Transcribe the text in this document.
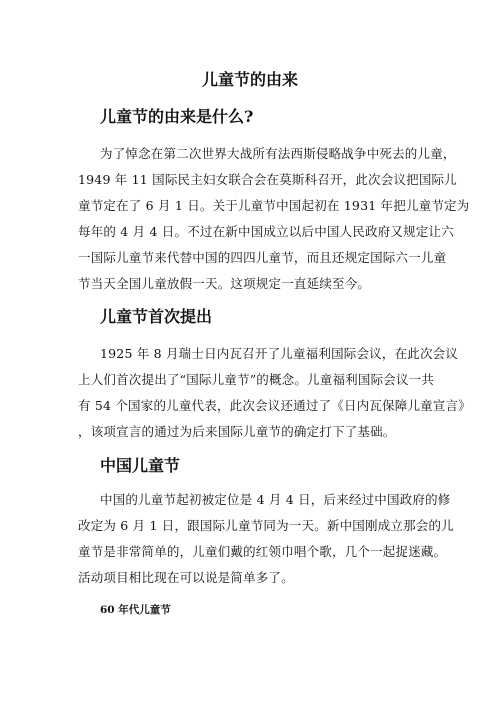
儿童节的由来
儿童节的由来是什么?
为了悼念在第二次世界大战所有法西斯侵略战争中死去的儿童，
1949 年 11 国际民主妇女联合会在莫斯科召开，此次会议把国际儿
童节定在了 6 月 1 日。关于儿童节中国起初在 1931 年把儿童节定为
每年的 4 月 4 日。不过在新中国成立以后中国人民政府又规定让六
一国际儿童节来代替中国的四四儿童节，而且还规定国际六一儿童
节当天全国儿童放假一天。这项规定一直延续至今。
儿童节首次提出
1925 年 8 月瑞士日内瓦召开了儿童福利国际会议，在此次会议
上人们首次提出了“国际儿童节”的概念。儿童福利国际会议一共
有 54 个国家的儿童代表，此次会议还通过了《日内瓦保障儿童宣言》
，该项宣言的通过为后来国际儿童节的确定打下了基础。
中国儿童节
中国的儿童节起初被定位是 4 月 4 日，后来经过中国政府的修
改定为 6 月 1 日，跟国际儿童节同为一天。新中国刚成立那会的儿
童节是非常简单的，儿童们戴的红领巾唱个歌，几个一起捉迷藏。
活动项目相比现在可以说是简单多了。
60 年代儿童节
